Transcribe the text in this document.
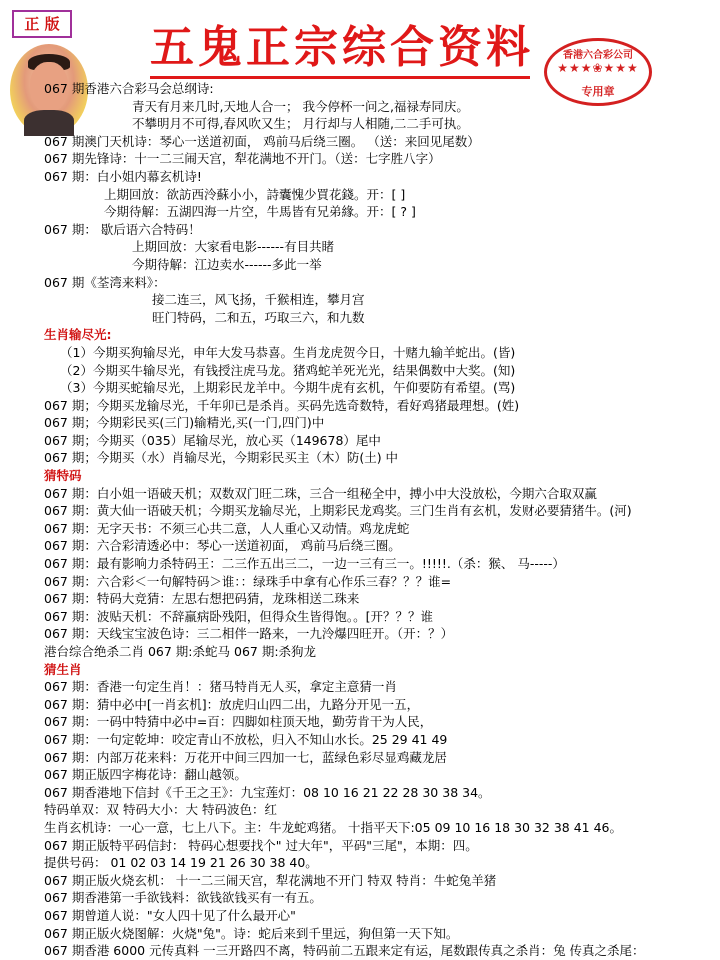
正 版 五鬼正宗综合资料	香港六合彩公司
★★★❀★★★
专用章
067 期香港六合彩马会总纲诗:
青天有月来几时,天地人合一； 我今停杯一问之,福禄寿同庆。
不攀明月不可得,春风吹又生； 月行却与人相随,二二手可执。
067 期澳门天机诗：琴心一送道初面， 鸡前马后绕三圈。 （送：来回见尾数）
067 期先锋诗：十一二三闹天宫，犁花满地不开门。（送：七字胜八字）
067 期：白小姐内幕玄机诗!
上期回放：欲訪西泠蘇小小，詩囊愧少買花錢。开：[ ]
今期待解：五湖四海一片空，牛馬皆有兄弟緣。开：[ ? ]
067 期： 歇后语六合特码！
上期回放：大家看电影------有目共睹
今期待解：江边卖水------多此一举
067 期《荃湾来料》：
接二连三，风飞扬，千猴相连，攀月宫
旺门特码，二和五，巧取三六，和九数
生肖输尽光:
（1）今期买狗输尽光，申年大发马恭喜。生肖龙虎贺今日，十赌九输羊蛇出。(皆)
（2）今期买牛输尽光，有钱授注虎马龙。猪鸡蛇羊死光光，结果偶数中大奖。(知)
（3）今期买蛇输尽光，上期彩民龙羊中。今期牛虎有玄机，午仰要防有希望。(骂)
067 期；今期买龙输尽光，千年卯已是杀肖。买码先选奇数特，看好鸡猪最理想。(姓)
067 期；今期彩民买(三门)输精光,买(一门,四门)中
067 期；今期买（035）尾输尽光，放心买（149678）尾中
067 期；今期买（水）肖输尽光，今期彩民买主（木）防(土) 中
猜特码
067 期：白小姐一语破天机；双数双门旺二珠，三合一组秘全中，搏小中大没放松，今期六合取双赢
067 期：黄大仙一语破天机；今期买龙输尽光，上期彩民龙鸡奖。三门生肖有玄机，发财必要猜猪牛。(河)
067 期：无字天书：不须三心共二意，人人重心又动情。鸡龙虎蛇
067 期：六合彩清透必中：琴心一送道初面， 鸡前马后绕三圈。
067 期：最有影响力杀特码王：二三作五出三二，一边一三有三一。!!!!!.（杀：猴、 马-----）
067 期：六合彩＜一句解特码＞谁：：绿珠手中拿有心作乐三春？？？谁=
067 期：特码大竞猜：左思右想把码猜，龙珠相送二珠来
067 期：波贴天机：不辞羸病卧残阳，但得众生皆得饱。。[开？？？谁
067 期：天线宝宝波色诗：三二相伴一路来，一九泠爆四旺开。（开：？）
港台综合绝杀二肖 067 期:杀蛇马 067 期:杀狗龙
猜生肖
067 期：香港一句定生肖！：猪马特肖无人买，拿定主意猜一肖
067 期：猜中必中[一肖玄机]：放虎归山四二出，九路分开见一五，
067 期：一码中特猜中必中=百：四脚如柱顶天地，勤劳肯干为人民，
067 期：一句定乾坤：咬定青山不放松，归入不知山水长。25 29 41 49
067 期：内部万花来料：万花开中间三四加一七，蓝绿色彩尽显鸡藏龙居
067 期正版四字梅花诗：翻山越领。
067 期香港地下信封《千王之王》：九宝莲灯：08 10 16 21 22 28 30 38 34。
特码单双：双 特码大小：大 特码波色：红
生肖玄机诗：一心一意，七上八下。主：牛龙蛇鸡猪。 十指平天下:05 09 10 16 18 30 32 38 41 46。
067 期正版特平码信封： 特码心想要找个" 过大年"，平码"三尾"，本期：四。
提供号码： 01 02 03 14 19 21 26 30 38 40。
067 期正版火烧玄机： 十一二三闹天宫，犁花满地不开门 特双 特肖：牛蛇兔羊猪
067 期香港第一手欲钱料：欲钱欲钱买有一有五。
067 期曾道人说："女人四十见了什么最开心"
067 期正版火烧图解：火烧"兔"。诗：蛇后来到千里远，狗但第一天下知。
067 期香港 6000 元传真料 一三开路四不离，特码前二五跟来定有运，尾数跟传真之杀肖：兔 传真之杀尾：
